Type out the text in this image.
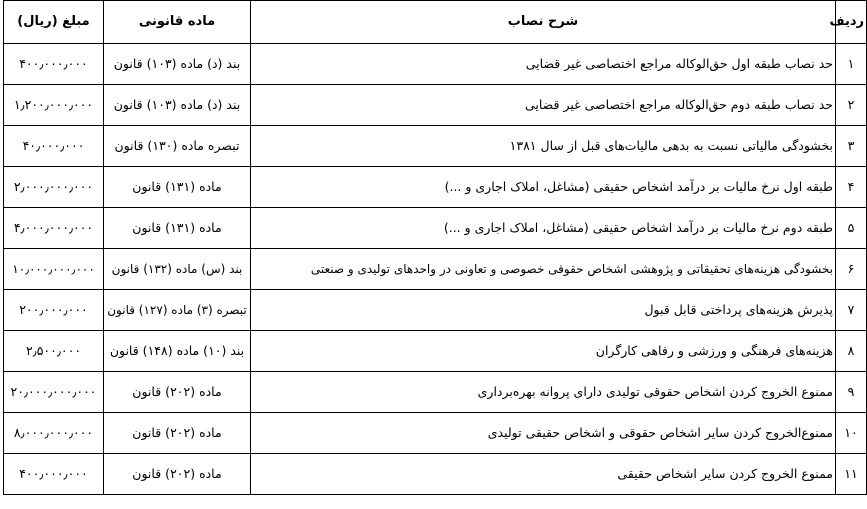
ردیف	شرح نصاب	ماده قانونی	مبلغ (ریال)
۱	حد نصاب طبقه اول حق‌الوکاله مراجع اختصاصی غیر قضایی	بند (د) ماده (۱۰۳) قانون	۴۰۰٫۰۰۰٫۰۰۰
۲	حد نصاب طبقه دوم حق‌الوکاله مراجع اختصاصی غیر قضایی	بند (د) ماده (۱۰۳) قانون	۱٫۲۰۰٫۰۰۰٫۰۰۰
۳	بخشودگی مالیاتی نسبت به بدهی مالیات‌های قبل از سال ۱۳۸۱	تبصره ماده (۱۳۰) قانون	۴۰٫۰۰۰٫۰۰۰
۴	طبقه اول نرخ مالیات بر درآمد اشخاص حقیقی (مشاغل، املاک اجاری و ...)	ماده (۱۳۱) قانون	۲٫۰۰۰٫۰۰۰٫۰۰۰
۵	طبقه دوم نرخ مالیات بر درآمد اشخاص حقیقی (مشاغل، املاک اجاری و ...)	ماده (۱۳۱) قانون	۴٫۰۰۰٫۰۰۰٫۰۰۰
۶	بخشودگی هزینه‌های تحقیقاتی و پژوهشی اشخاص حقوقی خصوصی و تعاونی در واحدهای تولیدی و صنعتی	بند (س) ماده (۱۳۲) قانون	۱۰٫۰۰۰٫۰۰۰٫۰۰۰
۷	پذیرش هزینه‌های پرداختی قابل قبول	تبصره (۳) ماده (۱۲۷) قانون	۲۰۰٫۰۰۰٫۰۰۰
۸	هزینه‌های فرهنگی و ورزشی و رفاهی کارگران	بند (۱۰) ماده (۱۴۸) قانون	۲٫۵۰۰٫۰۰۰
۹	ممنوع الخروج کردن اشخاص حقوقی تولیدی دارای پروانه بهره‌برداری	ماده (۲۰۲) قانون	۲۰٫۰۰۰٫۰۰۰٫۰۰۰
۱۰	ممنوع‌الخروج کردن سایر اشخاص حقوقی و اشخاص حقیقی تولیدی	ماده (۲۰۲) قانون	۸٫۰۰۰٫۰۰۰٫۰۰۰
۱۱	ممنوع الخروج کردن سایر اشخاص حقیقی	ماده (۲۰۲) قانون	۴۰۰٫۰۰۰٫۰۰۰
